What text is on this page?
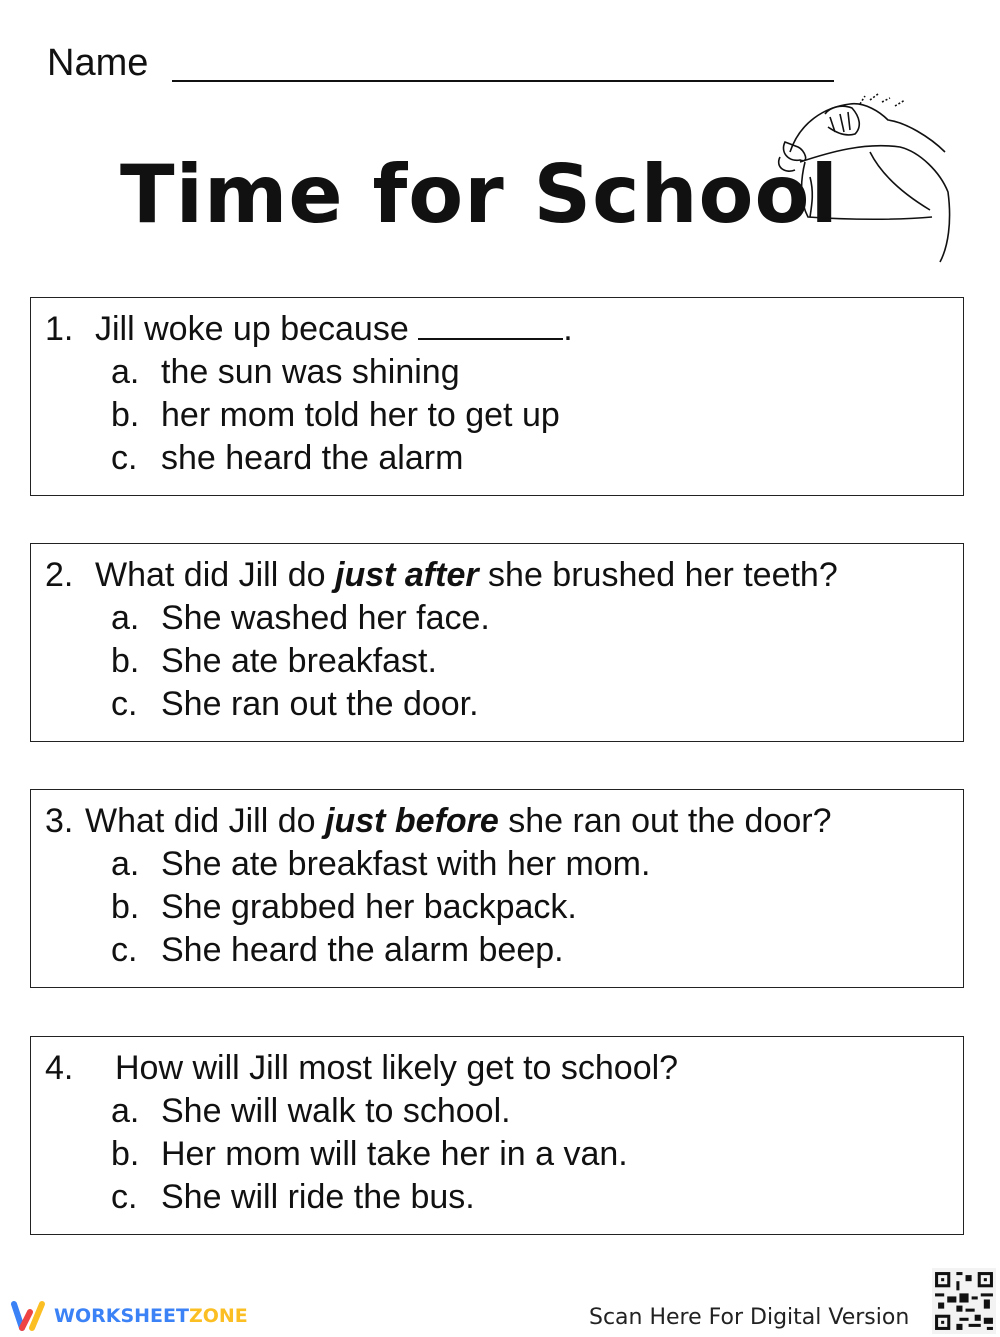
Name
Time for School
1. Jill woke up because	.
a. the sun was shining
b. her mom told her to get up
c. she heard the alarm
2. What did Jill do just after she brushed her teeth?
a. She washed her face.
b. She ate breakfast.
c. She ran out the door.
3. What did Jill do just before she ran out the door?
a. She ate breakfast with her mom.
b. She grabbed her backpack.
c. She heard the alarm beep.
4. How will Jill most likely get to school?
a. She will walk to school.
b. Her mom will take her in a van.
c. She will ride the bus.
WORKSHEET ZONE	Scan Here For Digital Version
